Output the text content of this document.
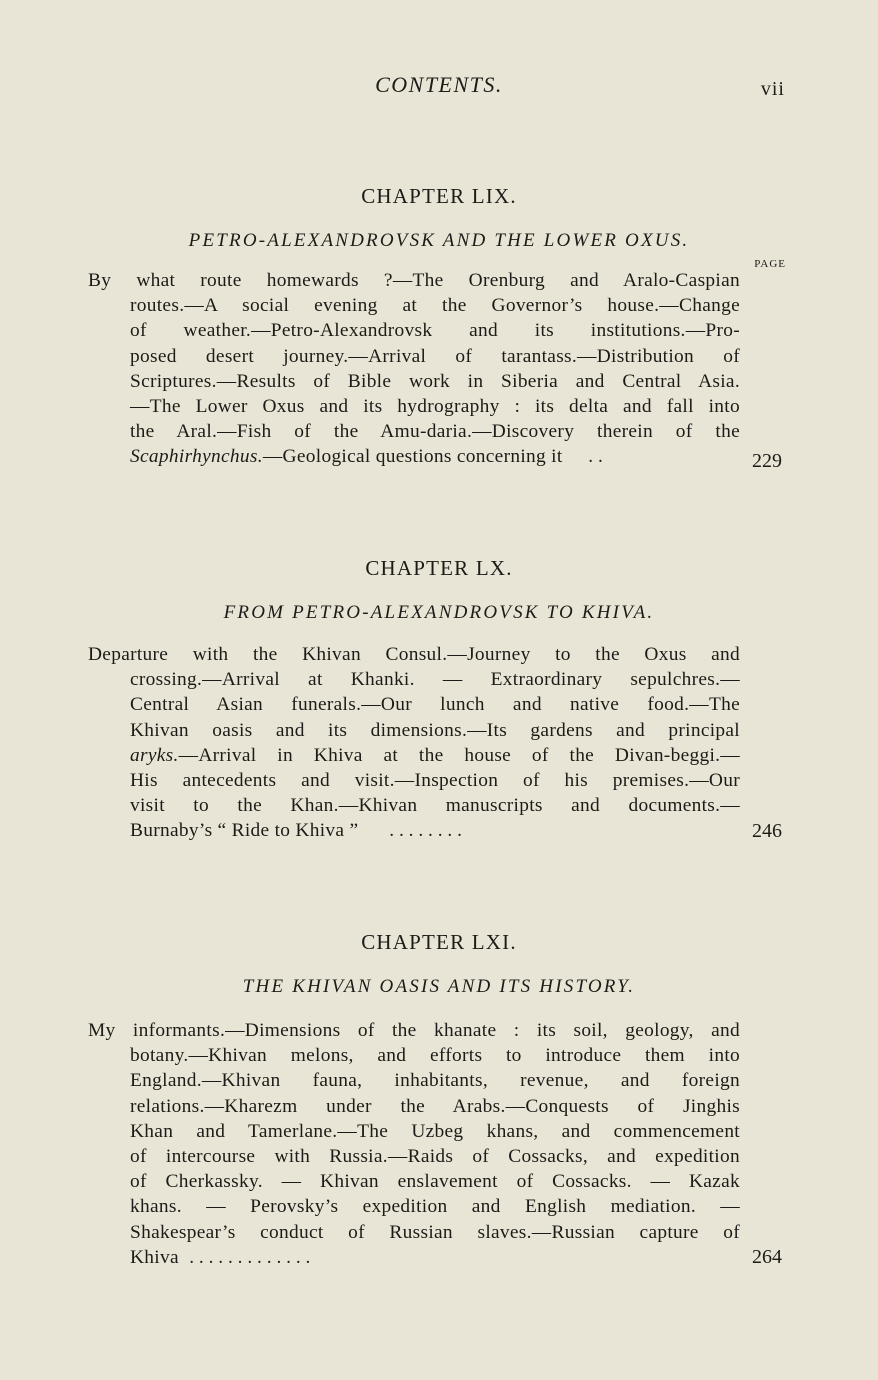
CONTENTS.	vii
CHAPTER LIX.
PETRO-ALEXANDROVSK AND THE LOWER OXUS.
PAGE
By what route homewards ?—The Orenburg and Aralo-Caspian
routes.—A social evening at the Governor’s house.—Change
of weather.—Petro-Alexandrovsk and its institutions.—Pro-
posed desert journey.—Arrival of tarantass.—Distribution of
Scriptures.—Results of Bible work in Siberia and Central Asia.
—The Lower Oxus and its hydrography : its delta and fall into
the Aral.—Fish of the Amu-daria.—Discovery therein of the
Scaphirhynchus.—Geological questions concerning it . .	229
CHAPTER LX.
FROM PETRO-ALEXANDROVSK TO KHIVA.
Departure with the Khivan Consul.—Journey to the Oxus and
crossing.—Arrival at Khanki. — Extraordinary sepulchres.—
Central Asian funerals.—Our lunch and native food.—The
Khivan oasis and its dimensions.—Its gardens and principal
aryks.—Arrival in Khiva at the house of the Divan-beggi.—
His antecedents and visit.—Inspection of his premises.—Our
visit to the Khan.—Khivan manuscripts and documents.—
Burnaby’s “ Ride to Khiva ” . . . . . . . .	246
CHAPTER LXI.
THE KHIVAN OASIS AND ITS HISTORY.
My informants.—Dimensions of the khanate : its soil, geology, and
botany.—Khivan melons, and efforts to introduce them into
England.—Khivan fauna, inhabitants, revenue, and foreign
relations.—Kharezm under the Arabs.—Conquests of Jinghis
Khan and Tamerlane.—The Uzbeg khans, and commencement
of intercourse with Russia.—Raids of Cossacks, and expedition
of Cherkassky. — Khivan enslavement of Cossacks. — Kazak
khans. — Perovsky’s expedition and English mediation. —
Shakespear’s conduct of Russian slaves.—Russian capture of
Khiva . . . . . . . . . . . . .	264
